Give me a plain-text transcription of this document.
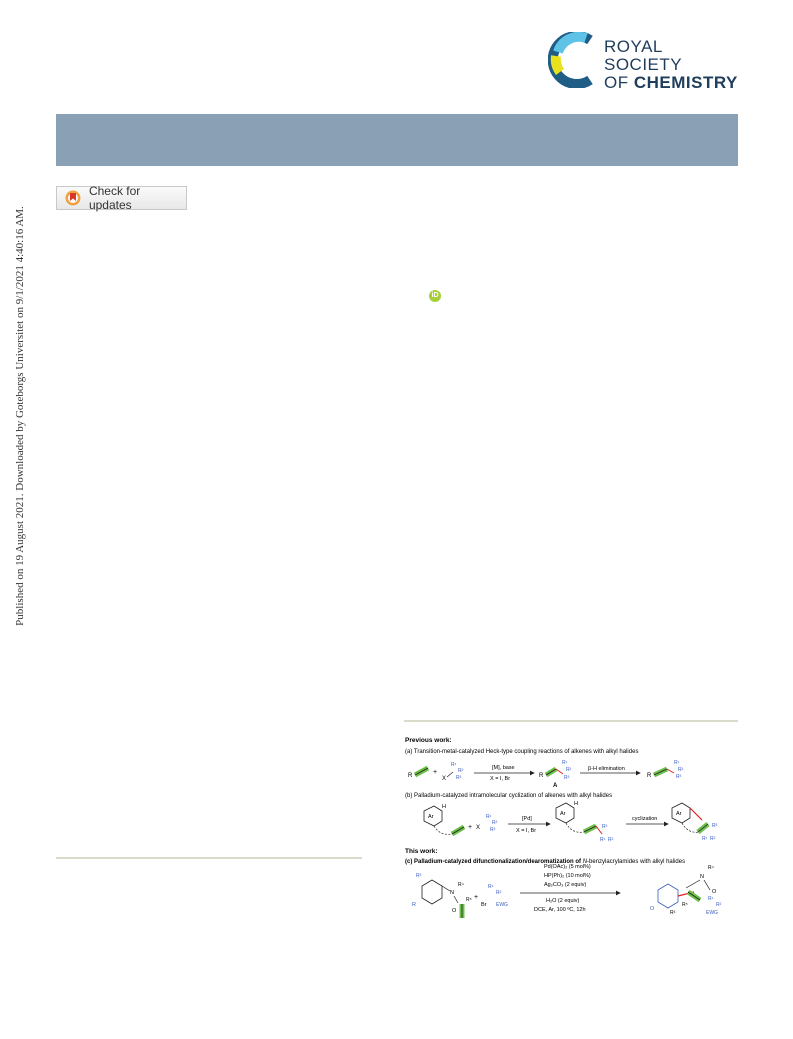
ROYAL SOCIETY
OF CHEMISTRY
Check for updates
Published on 19 August 2021. Downloaded by Goteborgs Universitet on 9/1/2021 4:40:16 AM.	iD
Previous work:
(a) Transition-metal-catalyzed Heck-type coupling reactions of alkenes with alkyl halides
R	+
X
R¹
R²
R³
[M], base
X = I, Br	R
R¹
R²
R³
A
β-H elimination
R
R¹
R²
R³
(b) Palladium-catalyzed intramolecular cyclization of alkenes with alkyl halides
Ar
H
+ X
R¹
R²
R³
[Pd]
X = I, Br
Ar
H
R³
R¹ R²
cyclization
Ar
R³
R¹ R²
This work:
(c) Palladium-catalyzed difunctionalization/dearomatization of N-benzylacrylamides with alkyl halides
R
R³
N
R⁴
O
R⁵ +
Br
R¹
R²
EWG
Pd(OAc)₂ (5 mol%)
HP(Ph)₂ (10 mol%)
Ag₂CO₃ (2 equiv)
H₂O (2 equiv)
DCE, Ar, 100 ºC, 12h
R⁴
N
O
O
R³
R⁵
R¹
R²
EWG
